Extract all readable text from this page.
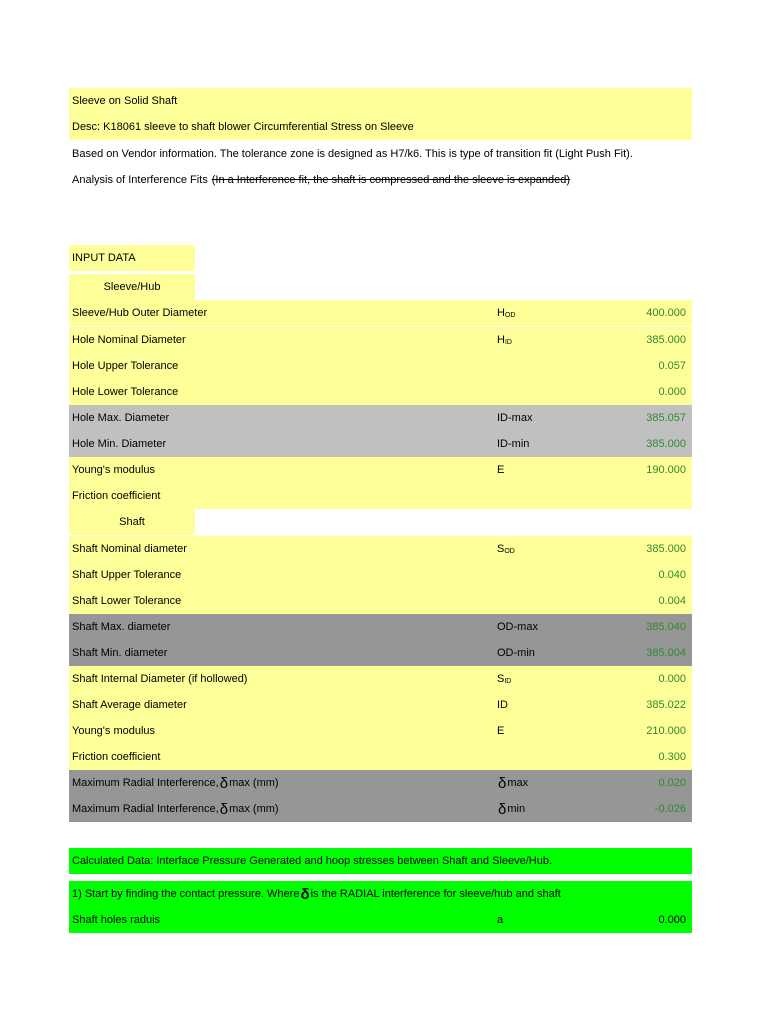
Sleeve on Solid Shaft
Desc: K18061 sleeve to shaft blower Circumferential Stress on Sleeve
Based on Vendor information. The tolerance zone is designed as H7/k6. This is type of transition fit (Light Push Fit).
Analysis of Interference Fits (In a Interference fit, the shaft is compressed and the sleeve is expanded)
INPUT DATA
Sleeve/Hub
Sleeve/Hub Outer Diameter	H OD	400.000
Hole Nominal Diameter	H ID	385.000
Hole Upper Tolerance	0.057
Hole Lower Tolerance	0.000
Hole Max. Diameter	ID-max	385.057
Hole Min. Diameter	ID-min	385.000
Young's modulus	E	190.000
Friction coefficient
Shaft
Shaft Nominal diameter	S OD	385.000
Shaft Upper Tolerance	0.040
Shaft Lower Tolerance	0.004
Shaft Max. diameter	OD-max	385.040
Shaft Min. diameter	OD-min	385.004
Shaft Internal Diameter (if hollowed)	S ID	0.000
Shaft Average diameter	ID	385.022
Young's modulus	E	210.000
Friction coefficient	0.300
Maximum Radial Interference, δ max (mm)	δ max	0.020
Maximum Radial Interference, δ max (mm)	δ min	-0.026
Calculated Data: Interface Pressure Generated and hoop stresses between Shaft and Sleeve/Hub.
1) Start by finding the contact pressure. Where δ is the RADIAL interference for sleeve/hub and shaft
Shaft holes raduis	a	0.000
